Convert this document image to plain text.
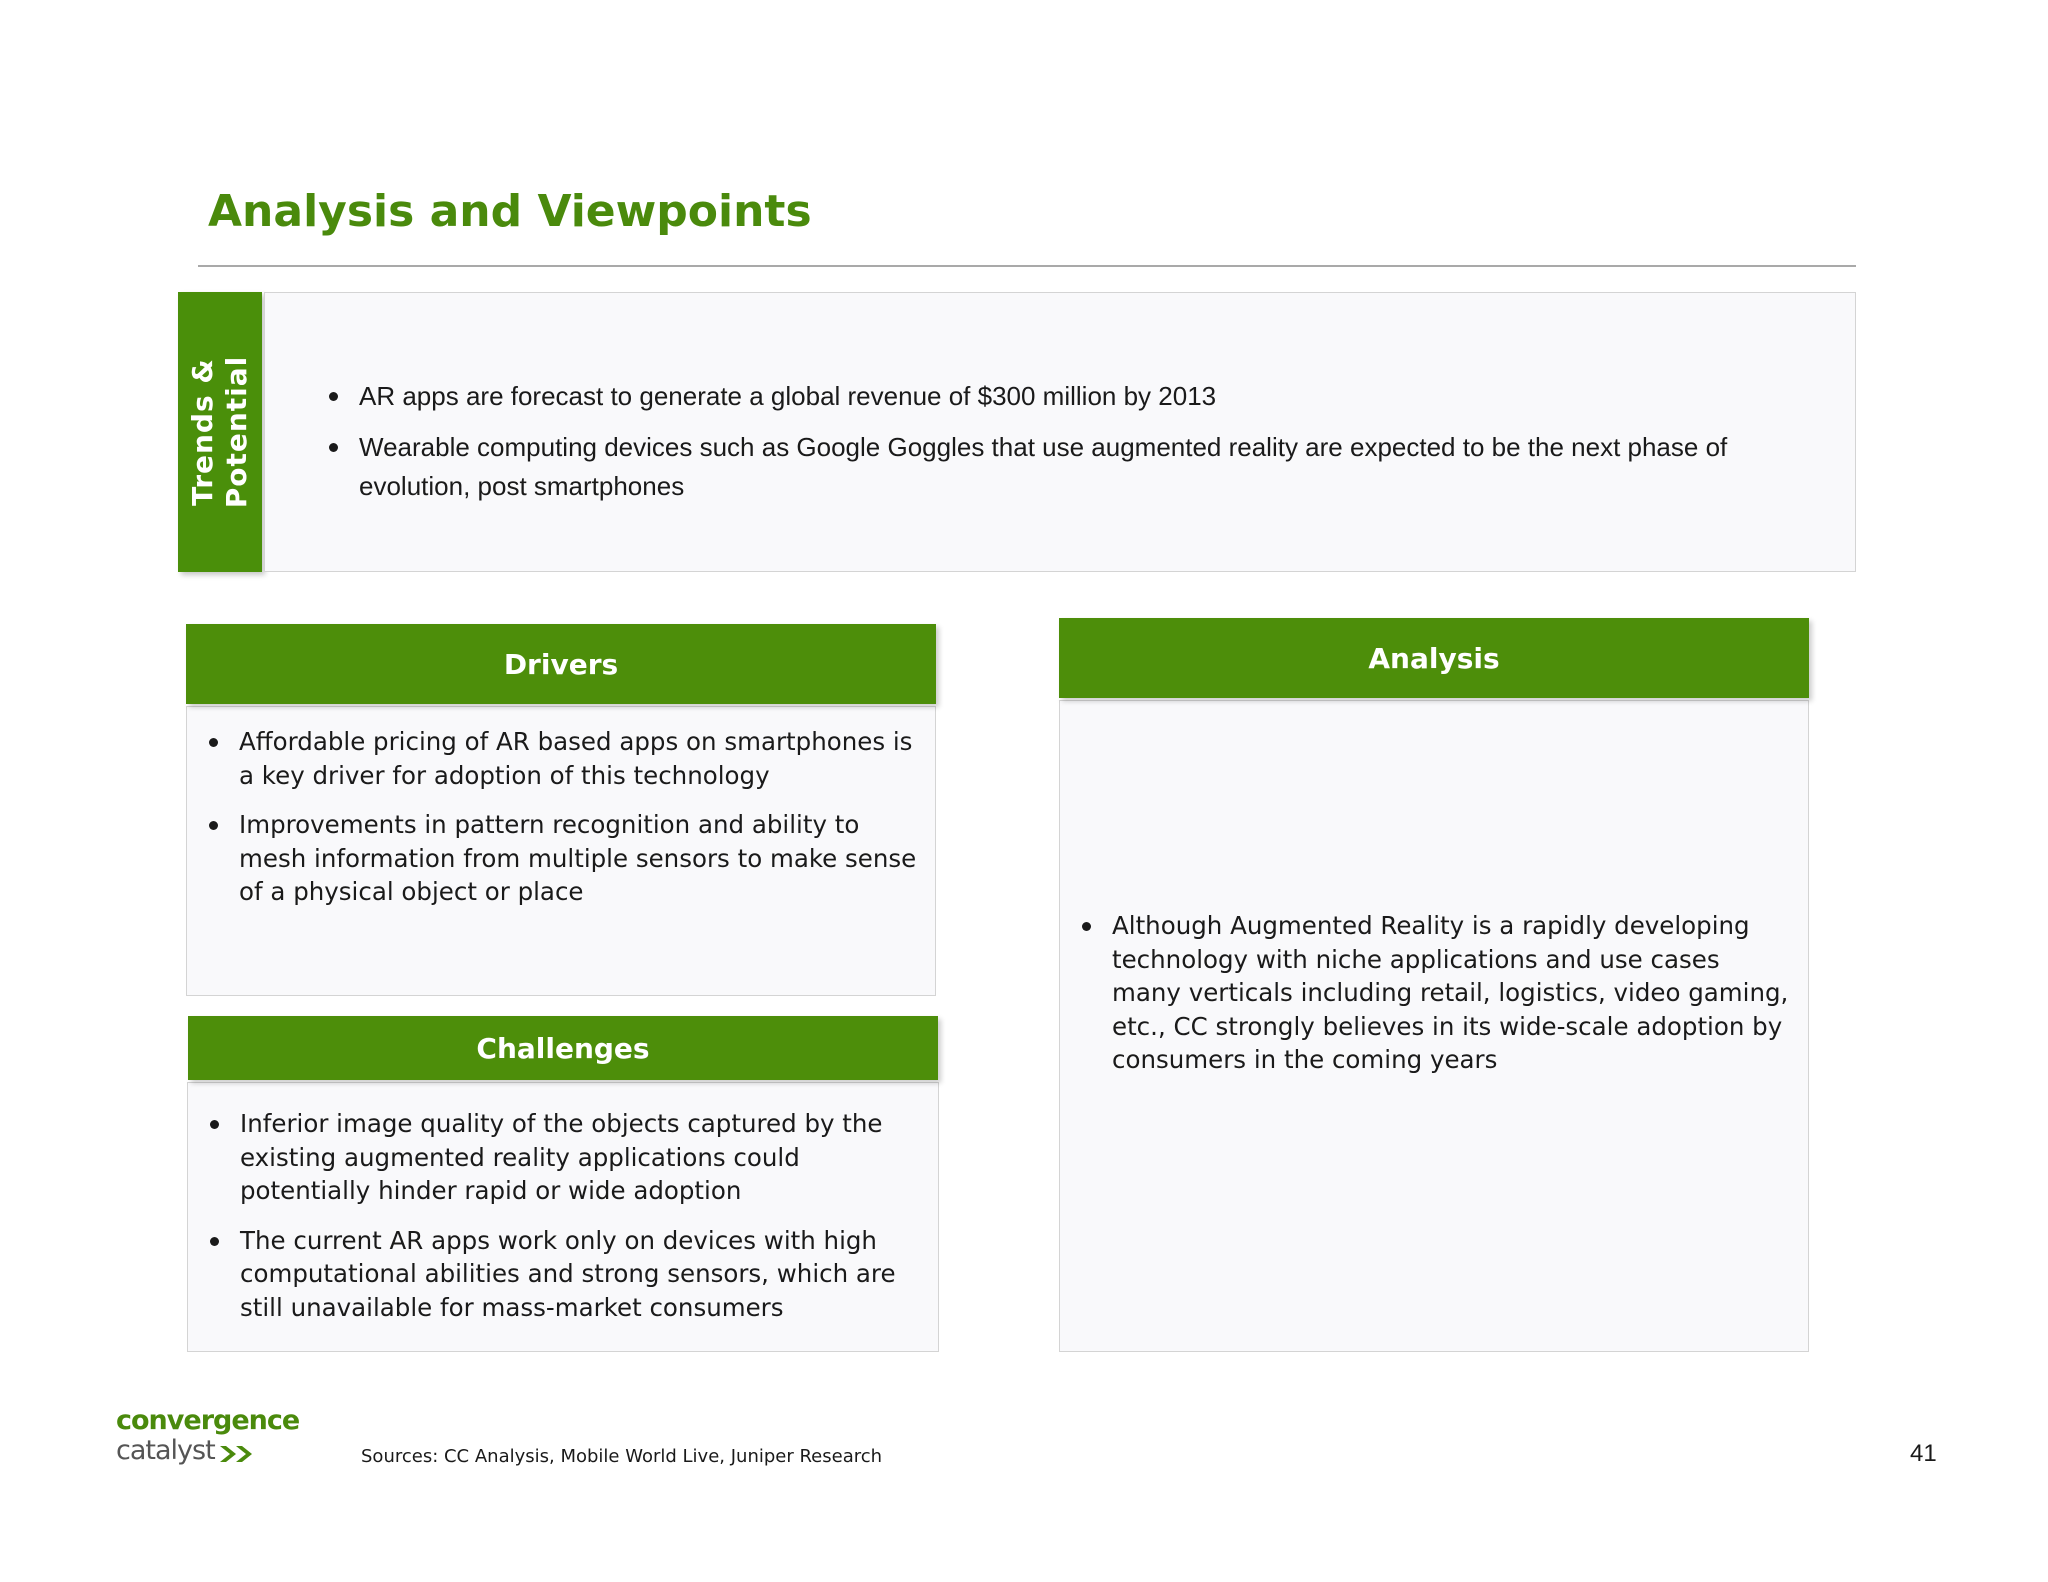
Analysis and Viewpoints
Trends & Potential	AR apps are forecast to generate a global revenue of $300 million by 2013
Wearable computing devices such as Google Goggles that use augmented reality are expected to be the next phase of evolution, post smartphones
Affordable pricing of AR based apps on smartphones is a key driver for adoption of this technology
Improvements in pattern recognition and ability to mesh information from multiple sensors to make sense of a physical object or place
Drivers
Inferior image quality of the objects captured by the existing augmented reality applications could potentially hinder rapid or wide adoption
The current AR apps work only on devices with high computational abilities and strong sensors, which are still unavailable for mass-market consumers
Challenges
Although Augmented Reality is a rapidly developing technology with niche applications and use cases many verticals including retail, logistics, video gaming, etc., CC strongly believes in its wide-scale adoption by consumers in the coming years
Analysis
convergence
catalyst	Sources: CC Analysis, Mobile World Live, Juniper Research	41
